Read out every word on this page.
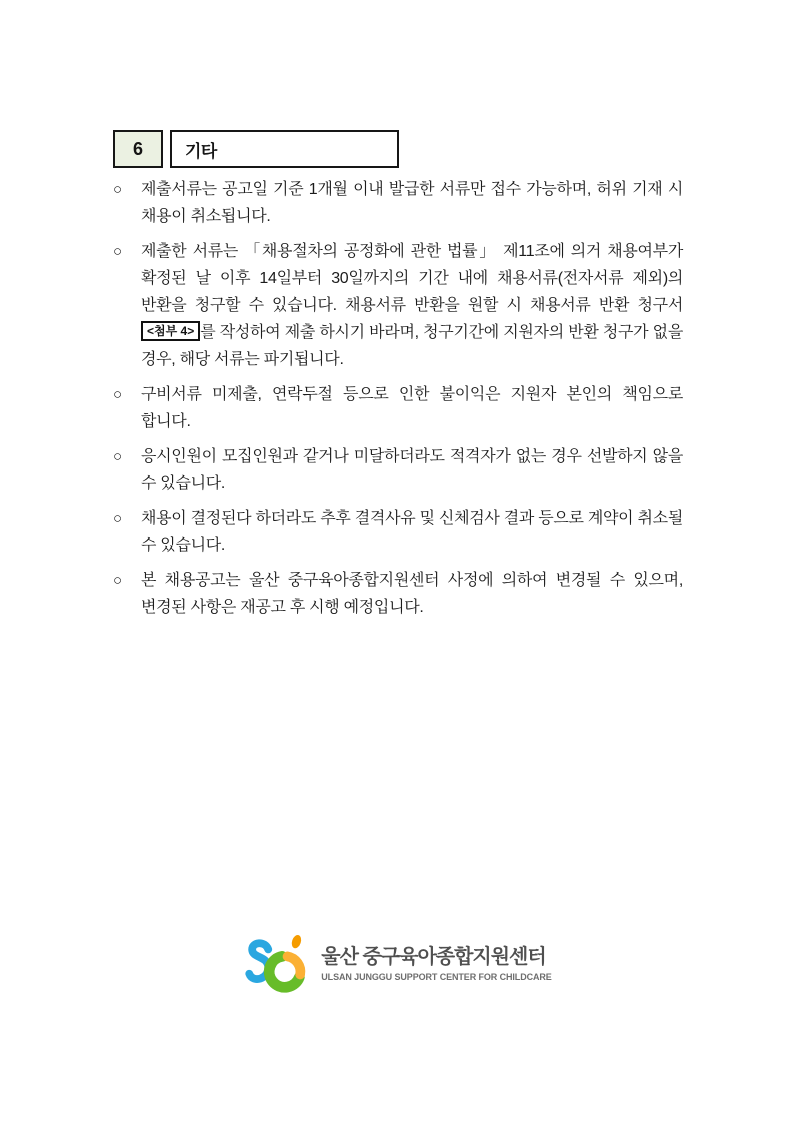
6 기타
○ 제출서류는 공고일 기준 1개월 이내 발급한 서류만 접수 가능하며, 허위 기재 시 채용이 취소됩니다.
○ 제출한 서류는 「채용절차의 공정화에 관한 법률」 제11조에 의거 채용여부가 확정된 날 이후 14일부터 30일까지의 기간 내에 채용서류(전자서류 제외)의 반환을 청구할 수 있습니다. 채용서류 반환을 원할 시 채용서류 반환 청구서 <첨부 4> 를 작성하여 제출 하시기 바라며, 청구기간에 지원자의 반환 청구가 없을 경우, 해당 서류는 파기됩니다.
○ 구비서류 미제출, 연락두절 등으로 인한 불이익은 지원자 본인의 책임으로 합니다.
○ 응시인원이 모집인원과 같거나 미달하더라도 적격자가 없는 경우 선발하지 않을 수 있습니다.
○ 채용이 결정된다 하더라도 추후 결격사유 및 신체검사 결과 등으로 계약이 취소될 수 있습니다.
○ 본 채용공고는 울산 중구육아종합지원센터 사정에 의하여 변경될 수 있으며, 변경된 사항은 재공고 후 시행 예정입니다.
울산 중구육아종합지원센터
ULSAN JUNGGU SUPPORT CENTER FOR CHILDCARE
